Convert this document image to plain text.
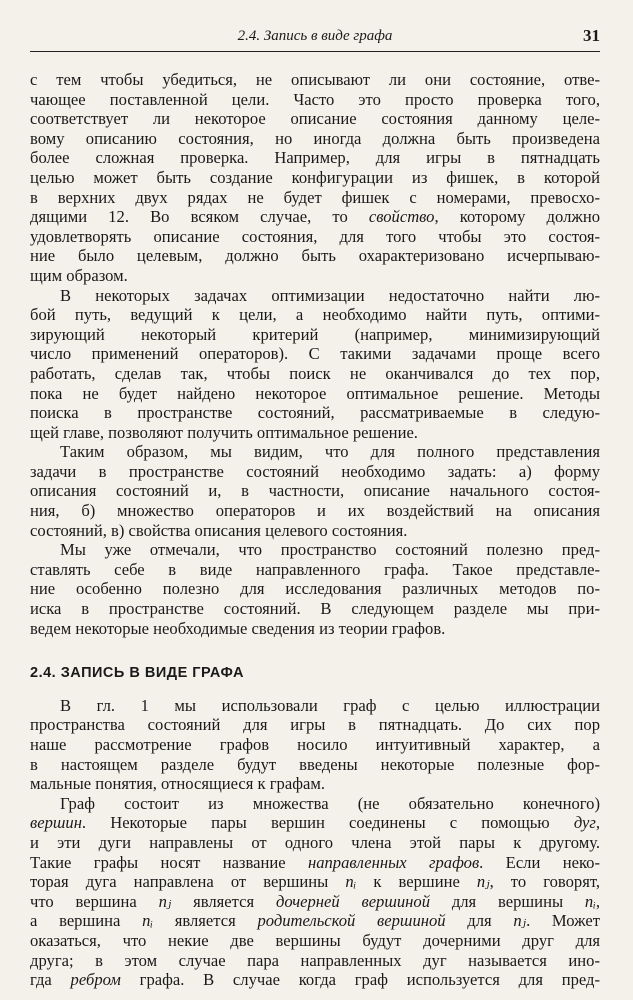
2.4. Запись в виде графа	31
с тем чтобы убедиться, не описывают ли они состояние, отве-
чающее поставленной цели. Часто это просто проверка того,
соответствует ли некоторое описание состояния данному целе-
вому описанию состояния, но иногда должна быть произведена
более сложная проверка. Например, для игры в пятнадцать
целью может быть создание конфигурации из фишек, в которой
в верхних двух рядах не будет фишек с номерами, превосхо-
дящими 12. Во всяком случае, то свойство, которому должно
удовлетворять описание состояния, для того чтобы это состоя-
ние было целевым, должно быть охарактеризовано исчерпываю-
щим образом.
В некоторых задачах оптимизации недостаточно найти лю-
бой путь, ведущий к цели, а необходимо найти путь, оптими-
зирующий некоторый критерий (например, минимизирующий
число применений операторов). С такими задачами проще всего
работать, сделав так, чтобы поиск не оканчивался до тех пор,
пока не будет найдено некоторое оптимальное решение. Методы
поиска в пространстве состояний, рассматриваемые в следую-
щей главе, позволяют получить оптимальное решение.
Таким образом, мы видим, что для полного представления
задачи в пространстве состояний необходимо задать: а) форму
описания состояний и, в частности, описание начального состоя-
ния, б) множество операторов и их воздействий на описания
состояний, в) свойства описания целевого состояния.
Мы уже отмечали, что пространство состояний полезно пред-
ставлять себе в виде направленного графа. Такое представле-
ние особенно полезно для исследования различных методов по-
иска в пространстве состояний. В следующем разделе мы при-
ведем некоторые необходимые сведения из теории графов.
2.4. ЗАПИСЬ В ВИДЕ ГРАФА
В гл. 1 мы использовали граф с целью иллюстрации
пространства состояний для игры в пятнадцать. До сих пор
наше рассмотрение графов носило интуитивный характер, а
в настоящем разделе будут введены некоторые полезные фор-
мальные понятия, относящиеся к графам.
Граф состоит из множества (не обязательно конечного)
вершин. Некоторые пары вершин соединены с помощью дуг,
и эти дуги направлены от одного члена этой пары к другому.
Такие графы носят название направленных графов. Если неко-
торая дуга направлена от вершины nᵢ к вершине nⱼ, то говорят,
что вершина nⱼ является дочерней вершиной для вершины nᵢ,
а вершина nᵢ является родительской вершиной для nⱼ. Может
оказаться, что некие две вершины будут дочерними друг для
друга; в этом случае пара направленных дуг называется ино-
гда ребром графа. В случае когда граф используется для пред-
